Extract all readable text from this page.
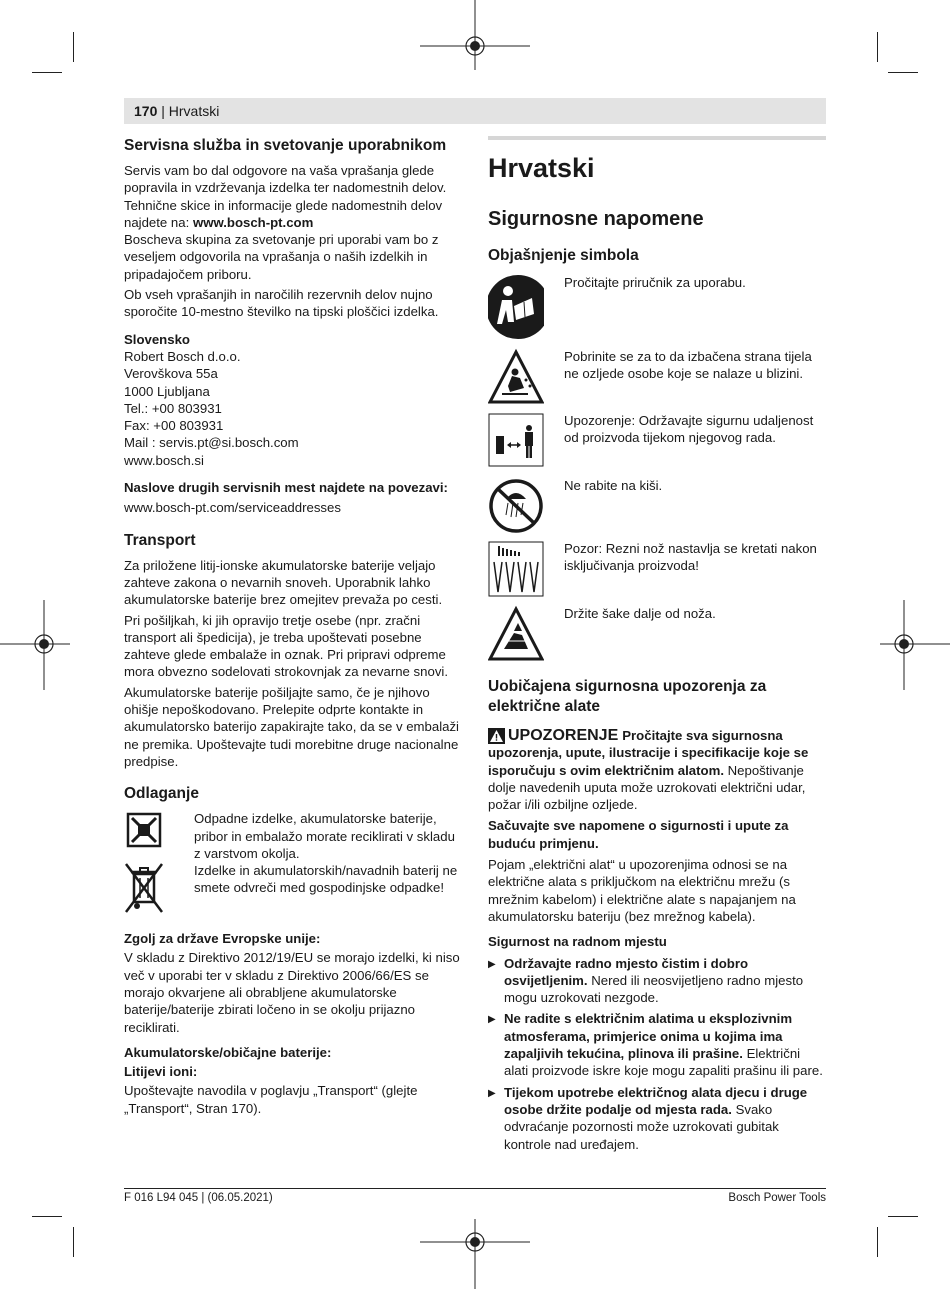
170 | Hrvatski
Servisna služba in svetovanje uporabnikom

Servis vam bo dal odgovore na vaša vprašanja glede popravila in vzdrževanja izdelka ter nadomestnih delov. Tehnične skice in informacije glede nadomestnih delov najdete na: www.bosch-pt.com

Boscheva skupina za svetovanje pri uporabi vam bo z veseljem odgovorila na vprašanja o naših izdelkih in pripadajočem priboru.

Ob vseh vprašanjih in naročilih rezervnih delov nujno sporočite 10-mestno številko na tipski ploščici izdelka.

Slovensko

Robert Bosch d.o.o.

Verovškova 55a

1000 Ljubljana

Tel.: +00 803931

Fax: +00 803931

Mail : servis.pt@si.bosch.com

www.bosch.si

Naslove drugih servisnih mest najdete na povezavi:

www.bosch-pt.com/serviceaddresses

Transport

Za priložene litij-ionske akumulatorske baterije veljajo zahteve zakona o nevarnih snoveh. Uporabnik lahko akumulatorske baterije brez omejitev prevaža po cesti.

Pri pošiljkah, ki jih opravijo tretje osebe (npr. zračni transport ali špedicija), je treba upoštevati posebne zahteve glede embalaže in oznak. Pri pripravi odpreme mora obvezno sodelovati strokovnjak za nevarne snovi.

Akumulatorske baterije pošiljajte samo, če je njihovo ohišje nepoškodovano. Prelepite odprte kontakte in akumulatorsko baterijo zapakirajte tako, da se v embalaži ne premika. Upoštevajte tudi morebitne druge nacionalne predpise.

Odlaganje

Odpadne izdelke, akumulatorske baterije, pribor in embalažo morate reciklirati v skladu z varstvom okolja.

Izdelke in akumulatorskih/navadnih baterij ne smete odvreči med gospodinjske odpadke!

Zgolj za države Evropske unije:

V skladu z Direktivo 2012/19/EU se morajo izdelki, ki niso več v uporabi ter v skladu z Direktivo 2006/66/ES se morajo okvarjene ali obrabljene akumulatorske baterije/baterije zbirati ločeno in se okolju prijazno reciklirati.

Akumulatorske/običajne baterije:

Litijevi ioni:

Upoštevajte navodila v poglavju „Transport“ (glejte „Transport“, Stran 170).

Hrvatski

Sigurnosne napomene

Objašnjenje simbola

Pročitajte priručnik za uporabu.

Pobrinite se za to da izbačena strana tijela ne ozljede osobe koje se nalaze u blizini.

Upozorenje: Održavajte sigurnu udaljenost od proizvoda tijekom njegovog rada.

Ne rabite na kiši.

Pozor: Rezni nož nastavlja se kretati nakon isključivanja proizvoda!

Držite šake dalje od noža.

Uobičajena sigurnosna upozorenja za električne alate

UPOZORENJE Pročitajte sva sigurnosna upozorenja, upute, ilustracije i specifikacije koje se isporučuju s ovim električnim alatom. Nepoštivanje dolje navedenih uputa može uzrokovati električni udar, požar i/ili ozbiljne ozljede.

Sačuvajte sve napomene o sigurnosti i upute za buduću primjenu.

Pojam „električni alat“ u upozorenjima odnosi se na električne alata s priključkom na električnu mrežu (s mrežnim kabelom) i električne alate s napajanjem na akumulatorsku bateriju (bez mrežnog kabela).

Sigurnost na radnom mjestu

▶ Održavajte radno mjesto čistim i dobro osvijetljenim. Nered ili neosvijetljeno radno mjesto mogu uzrokovati nezgode.
▶ Ne radite s električnim alatima u eksplozivnim atmosferama, primjerice onima u kojima ima zapaljivih tekućina, plinova ili prašine. Električni alati proizvode iskre koje mogu zapaliti prašinu ili pare.
▶ Tijekom upotrebe električnog alata djecu i druge osobe držite podalje od mjesta rada. Svako odvraćanje pozornosti može uzrokovati gubitak kontrole nad uređajem.
F 016 L94 045 | (06.05.2021)	Bosch Power Tools
